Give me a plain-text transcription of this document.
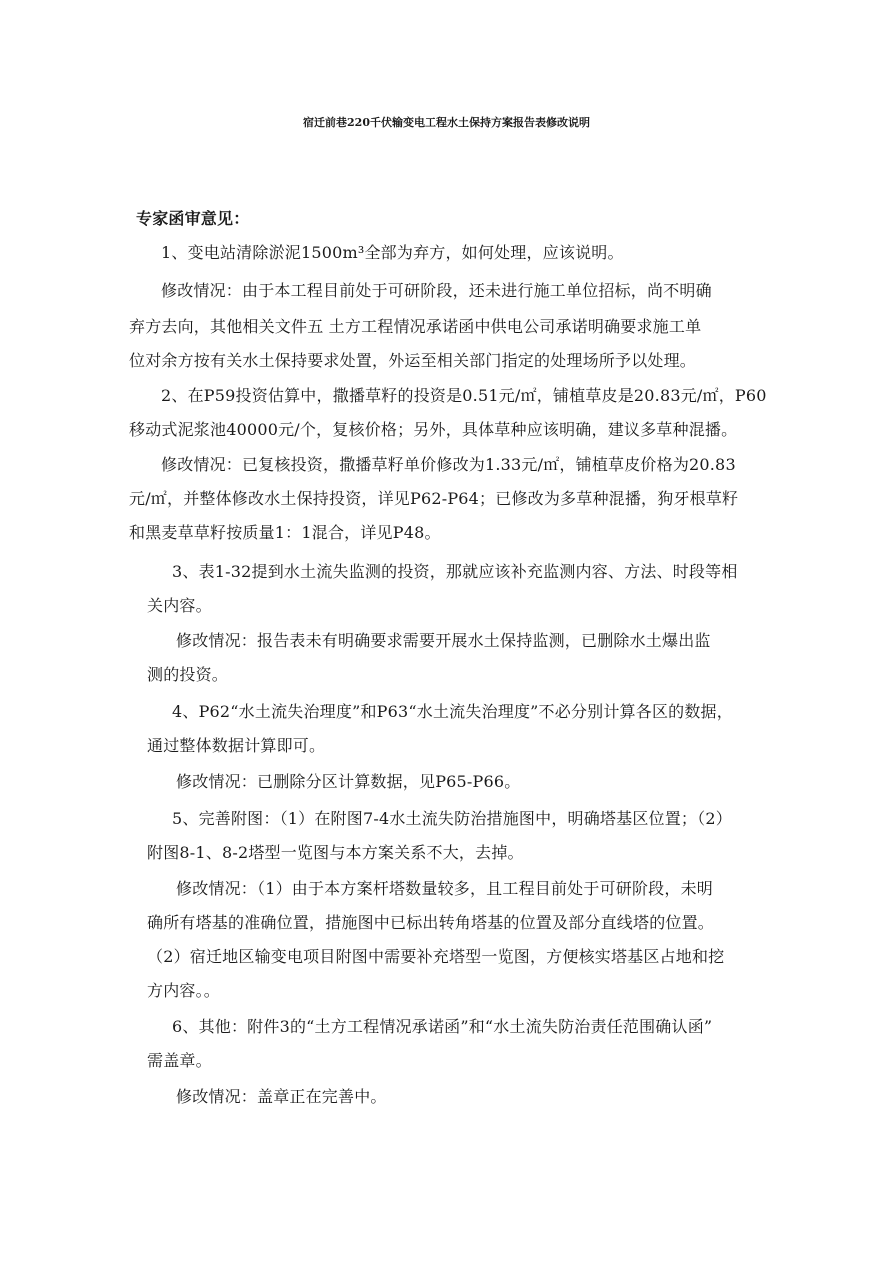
宿迁前巷220千伏输变电工程水土保持方案报告表修改说明
专家函审意见：
1、变电站清除淤泥1500m³全部为弃方，如何处理，应该说明。
修改情况：由于本工程目前处于可研阶段，还未进行施工单位招标，尚不明确
弃方去向，其他相关文件五 土方工程情况承诺函中供电公司承诺明确要求施工单
位对余方按有关水土保持要求处置，外运至相关部门指定的处理场所予以处理。
2、在P59投资估算中，撒播草籽的投资是0.51元/㎡，铺植草皮是20.83元/㎡，P60
移动式泥浆池40000元/个，复核价格；另外，具体草种应该明确，建议多草种混播。
修改情况：已复核投资，撒播草籽单价修改为1.33元/㎡，铺植草皮价格为20.83
元/㎡，并整体修改水土保持投资，详见P62-P64；已修改为多草种混播，狗牙根草籽
和黑麦草草籽按质量1：1混合，详见P48。
3、表1-32提到水土流失监测的投资，那就应该补充监测内容、方法、时段等相
关内容。
修改情况：报告表未有明确要求需要开展水土保持监测，已删除水土爆出监
测的投资。
4、P62“水土流失治理度”和P63“水土流失治理度”不必分别计算各区的数据，
通过整体数据计算即可。
修改情况：已删除分区计算数据，见P65-P66。
5、完善附图：（1）在附图7-4水土流失防治措施图中，明确塔基区位置；（2）
附图8-1、8-2塔型一览图与本方案关系不大，去掉。
修改情况：（1）由于本方案杆塔数量较多，且工程目前处于可研阶段，未明
确所有塔基的准确位置，措施图中已标出转角塔基的位置及部分直线塔的位置。
（2）宿迁地区输变电项目附图中需要补充塔型一览图，方便核实塔基区占地和挖
方内容。。
6、其他：附件3的“土方工程情况承诺函”和“水土流失防治责任范围确认函”
需盖章。
修改情况：盖章正在完善中。
